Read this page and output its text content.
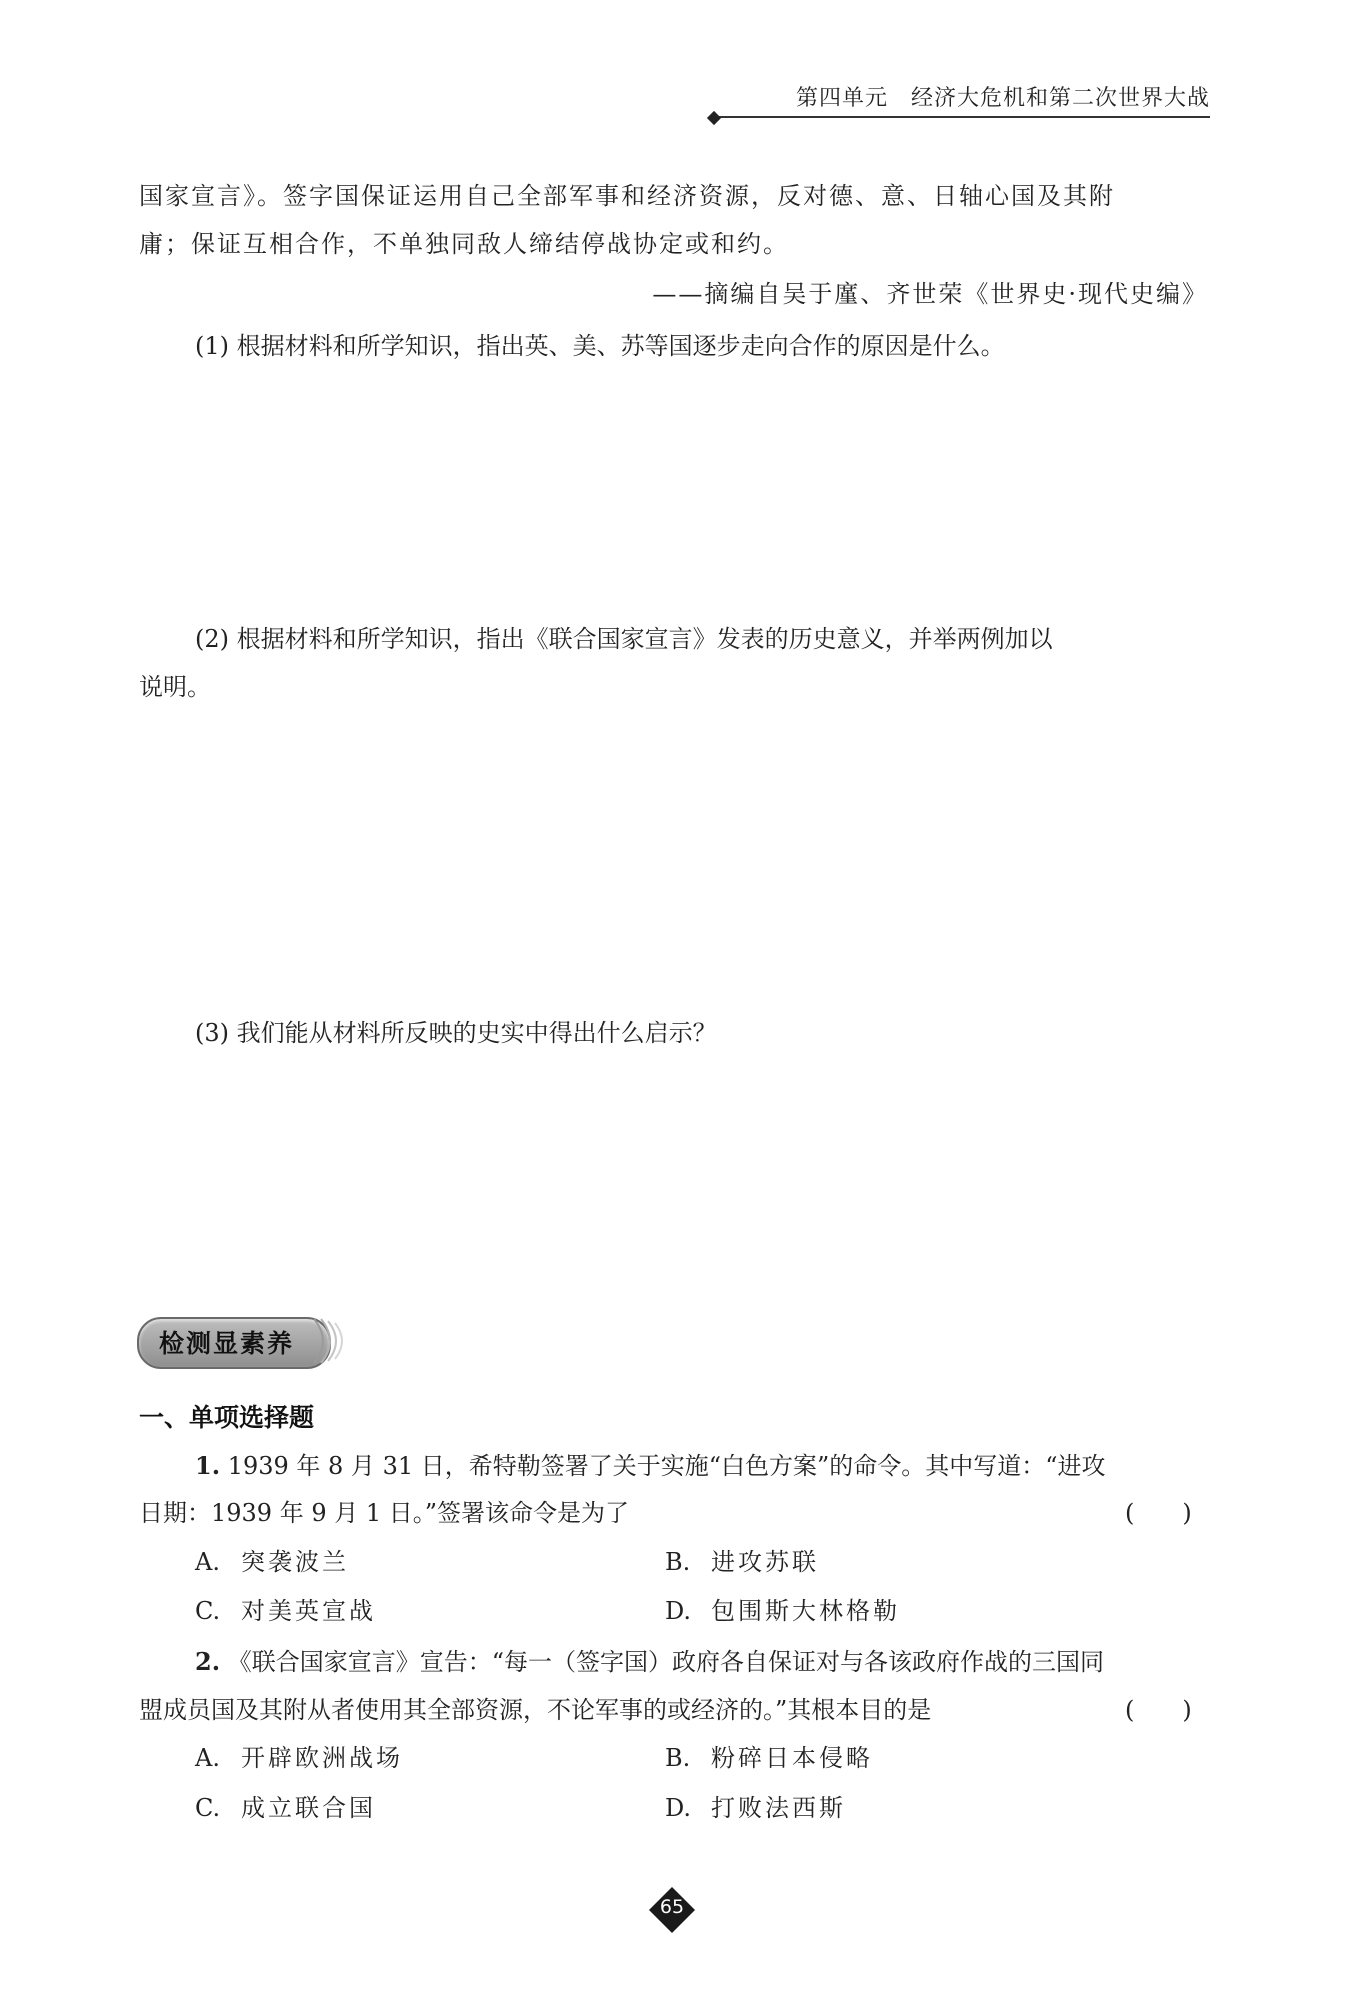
第四单元　经济大危机和第二次世界大战
国家宣言》。签字国保证运用自己全部军事和经济资源，反对德、意、日轴心国及其附
庸；保证互相合作，不单独同敌人缔结停战协定或和约。
——摘编自吴于廑、齐世荣《世界史·现代史编》
(1) 根据材料和所学知识，指出英、美、苏等国逐步走向合作的原因是什么。
(2) 根据材料和所学知识，指出《联合国家宣言》发表的历史意义，并举两例加以
说明。
(3) 我们能从材料所反映的史实中得出什么启示？
检测显素养
一、单项选择题
1. 1939 年 8 月 31 日，希特勒签署了关于实施“白色方案”的命令。其中写道：“进攻
日期：1939 年 9 月 1 日。”签署该命令是为了	(　　)
A. 突袭波兰	B. 进攻苏联
C. 对美英宣战	D. 包围斯大林格勒
2. 《联合国家宣言》宣告：“每一（签字国）政府各自保证对与各该政府作战的三国同
盟成员国及其附从者使用其全部资源，不论军事的或经济的。”其根本目的是	(　　)
A. 开辟欧洲战场	B. 粉碎日本侵略
C. 成立联合国	D. 打败法西斯
65
